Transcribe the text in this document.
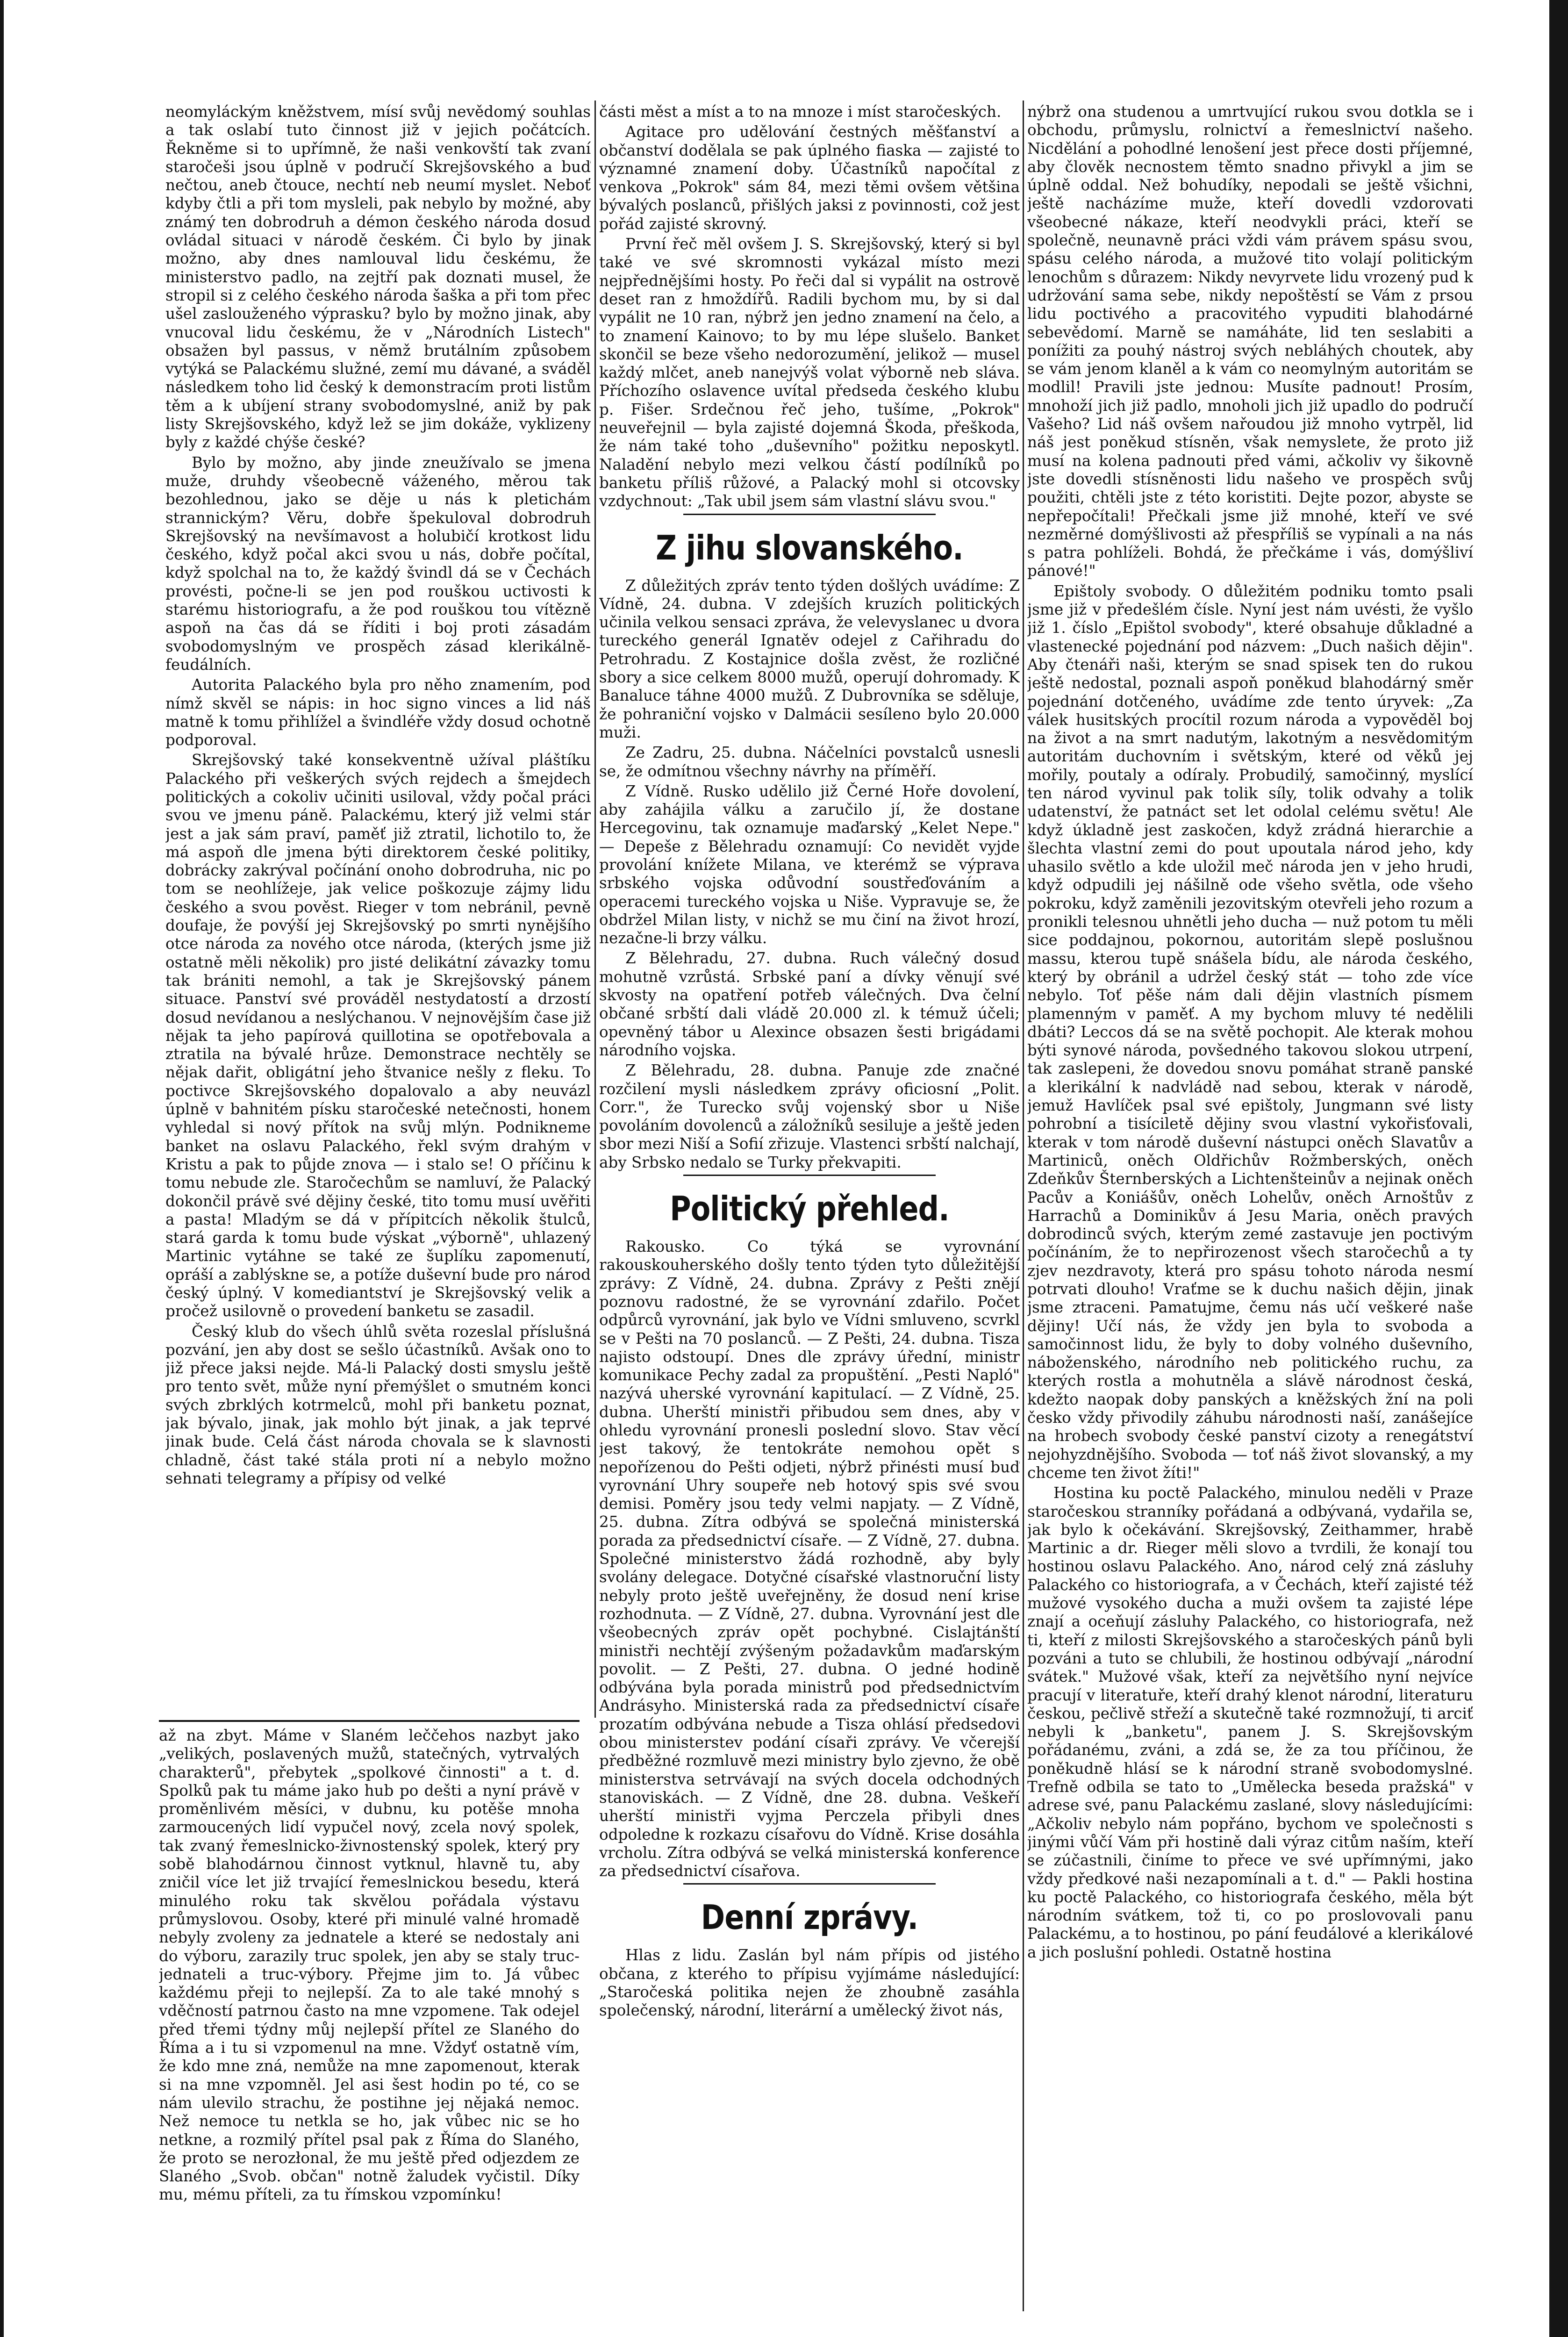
neomyláckým kněžstvem, mísí svůj nevědomý souhlas a tak oslabí tuto činnost již v jejich počátcích. Řekněme si to upřímně, že naši venkovští tak zvaní staročeši jsou úplně v područí Skrejšovského a buď nečtou, aneb čtouce, nechtí neb neumí myslet. Neboť kdyby čtli a při tom mysleli, pak nebylo by možné, aby známý ten dobrodruh a démon českého národa dosud ovládal situaci v národě českém. Či bylo by jinak možno, aby dnes namlouval lidu českému, že ministerstvo padlo, na zejtří pak doznati musel, že stropil si z celého českého národa šaška a při tom přec ušel zaslouženého výprasku? bylo by možno jinak, aby vnucoval lidu českému, že v „Národních Listech" obsažen byl passus, v němž brutálním způsobem vytýká se Palackému služné, zemí mu dávané, a sváděl následkem toho lid český k demonstracím proti listům těm a k ubíjení strany svobodomyslné, aniž by pak listy Skrejšovského, když lež se jim dokáže, vyklizeny byly z každé chýše české?

Bylo by možno, aby jinde zneužívalo se jmena muže, druhdy všeobecně váženého, měrou tak bezohlednou, jako se děje u nás k pletichám strannickým? Věru, dobře špekuloval dobrodruh Skrejšovský na nevšímavost a holubičí krotkost lidu českého, když počal akci svou u nás, dobře počítal, když spolchal na to, že každý švindl dá se v Čechách provésti, počne-li se jen pod rouškou uctivosti k starému historiografu, a že pod rouškou tou vítězně aspoň na čas dá se říditi i boj proti zásadám svobodomyslným ve prospěch zásad klerikálně-feudálních.

Autorita Palackého byla pro něho znamením, pod nímž skvěl se nápis: in hoc signo vinces a lid náš matně k tomu přihlížel a švindléře vždy dosud ochotně podporoval.

Skrejšovský také konsekventně užíval pláštíku Palackého při veškerých svých rejdech a šmejdech politických a cokoliv učiniti usiloval, vždy počal práci svou ve jmenu páně. Palackému, který již velmi stár jest a jak sám praví, paměť již ztratil, lichotilo to, že má aspoň dle jmena býti direktorem české politiky, dobrácky zakrýval počínání onoho dobrodruha, nic po tom se neohlížeje, jak velice poškozuje zájmy lidu českého a svou pověst. Rieger v tom nebránil, pevně doufaje, že povýší jej Skrejšovský po smrti nynějšího otce národa za nového otce národa, (kterých jsme již ostatně měli několik) pro jisté delikátní závazky tomu tak brániti nemohl, a tak je Skrejšovský pánem situace. Panství své prováděl nestydatostí a drzostí dosud nevídanou a neslýchanou. V nejnovějším čase již nějak ta jeho papírová quillotina se opotřebovala a ztratila na bývalé hrůze. Demonstrace nechtěly se nějak dařit, obligátní jeho štvanice nešly z fleku. To poctivce Skrejšovského dopalovalo a aby neuvázl úplně v bahnitém písku staročeské netečnosti, honem vyhledal si nový přítok na svůj mlýn. Podnikneme banket na oslavu Palackého, řekl svým drahým v Kristu a pak to půjde znova — i stalo se! O příčinu k tomu nebude zle. Staročechům se namluví, že Palacký dokončil právě své dějiny české, tito tomu musí uvěřiti a pasta! Mladým se dá v přípitcích několik štulců, stará garda k tomu bude výskat „výborně", uhlazený Martinic vytáhne se také ze šuplíku zapomenutí, opráší a zablýskne se, a potíže duševní bude pro národ český úplný. V komediantství je Skrejšovský velik a pročež usilovně o provedení banketu se zasadil.

Český klub do všech úhlů světa rozeslal příslušná pozvání, jen aby dost se sešlo účastníků. Avšak ono to již přece jaksi nejde. Má-li Palacký dosti smyslu ještě pro tento svět, může nyní přemýšlet o smutném konci svých zbrklých kotrmelců, mohl při banketu poznat, jak bývalo, jinak, jak mohlo být jinak, a jak teprvé jinak bude. Celá část národa chovala se k slavnosti chladně, část také stála proti ní a nebylo možno sehnati telegramy a přípisy od velké

až na zbyt. Máme v Slaném leččehos nazbyt jako „velikých, poslavených mužů, statečných, vytrvalých charakterů", přebytek „spolkové činnosti" a t. d. Spolků pak tu máme jako hub po dešti a nyní právě v proměnlivém měsíci, v dubnu, ku potěše mnoha zarmoucených lidí vypučel nový, zcela nový spolek, tak zvaný řemeslnicko-živnostenský spolek, který pry sobě blahodárnou činnost vytknul, hlavně tu, aby zničil více let již trvající řemeslnickou besedu, která minulého roku tak skvělou pořádala výstavu průmyslovou. Osoby, které při minulé valné hromadě nebyly zvoleny za jednatele a které se nedostaly ani do výboru, zarazily truc spolek, jen aby se staly truc-jednateli a truc-výbory. Přejme jim to. Já vůbec každému přeji to nejlepší. Za to ale také mnohý s vděčností patrnou často na mne vzpomene. Tak odejel před třemi týdny můj nejlepší přítel ze Slaného do Říma a i tu si vzpomenul na mne. Vždyť ostatně vím, že kdo mne zná, nemůže na mne zapomenout, kterak si na mne vzpomněl. Jel asi šest hodin po té, co se nám ulevilo strachu, že postihne jej nějaká nemoc. Než nemoce tu netkla se ho, jak vůbec nic se ho netkne, a rozmilý přítel psal pak z Říma do Slaného, že proto se nerozłonal, že mu ještě před odjezdem ze Slaného „Svob. občan" notně žaludek vyčistil. Díky mu, mému příteli, za tu římskou vzpomínku!

části měst a míst a to na mnoze i míst staročeských.

Agitace pro udělování čestných měšťanství a občanství dodělala se pak úplného fiaska — zajisté to významné znamení doby. Účastníků napočítal z venkova „Pokrok" sám 84, mezi těmi ovšem většina bývalých poslanců, přišlých jaksi z povinnosti, což jest pořád zajisté skrovný.

První řeč měl ovšem J. S. Skrejšovský, který si byl také ve své skromnosti vykázal místo mezi nejpřednějšími hosty. Po řeči dal si vypálit na ostrově deset ran z hmoždířů. Radili bychom mu, by si dal vypálit ne 10 ran, nýbrž jen jedno znamení na čelo, a to znamení Kainovo; to by mu lépe slušelo. Banket skončil se beze všeho nedorozumění, jelikož — musel každý mlčet, aneb nanejvýš volat výborně neb sláva. Příchozího oslavence uvítal předseda českého klubu p. Fišer. Srdečnou řeč jeho, tušíme, „Pokrok" neuveřejnil — byla zajisté dojemná Škoda, přeškoda, že nám také toho „duševního" požitku neposkytl. Naladění nebylo mezi velkou částí podílníků po banketu příliš růžové, a Palacký mohl si otcovsky vzdychnout: „Tak ubil jsem sám vlastní slávu svou."

Z jihu slovanského.

Z důležitých zpráv tento týden došlých uvádíme: Z Vídně, 24. dubna. V zdejších kruzích politických učinila velkou sensaci zpráva, že velevyslanec u dvora tureckého generál Ignatěv odejel z Cařihradu do Petrohradu. Z Kostajnice došla zvěst, že rozličné sbory a sice celkem 8000 mužů, operují dohromady. K Banaluce táhne 4000 mužů. Z Dubrovníka se sděluje, že pohraniční vojsko v Dalmácii sesíleno bylo 20.000 muži.

Ze Zadru, 25. dubna. Náčelníci povstalců usnesli se, že odmítnou všechny návrhy na příměří.

Z Vídně. Rusko udělilo již Černé Hoře dovolení, aby zahájila válku a zaručilo jí, že dostane Hercegovinu, tak oznamuje maďarský „Kelet Nepe." — Depeše z Bělehradu oznamují: Co nevidět vyjde provolání knížete Milana, ve kterémž se výprava srbského vojska odůvodní soustřeďováním a operacemi tureckého vojska u Niše. Vypravuje se, že obdržel Milan listy, v nichž se mu činí na život hrozí, nezačne-li brzy válku.

Z Bělehradu, 27. dubna. Ruch válečný dosud mohutně vzrůstá. Srbské paní a dívky věnují své skvosty na opatření potřeb válečných. Dva čelní občané srbští dali vládě 20.000 zl. k témuž účeli; opevněný tábor u Alexince obsazen šesti brigádami národního vojska.

Z Bělehradu, 28. dubna. Panuje zde značné rozčilení mysli následkem zprávy oficiosní „Polit. Corr.", že Turecko svůj vojenský sbor u Niše povoláním dovolenců a záložníků sesiluje a ještě jeden sbor mezi Niší a Sofií zřizuje. Vlastenci srbští nalchají, aby Srbsko nedalo se Turky překvapiti.

Politický přehled.

Rakousko. Co týká se vyrovnání rakouskouherského došly tento týden tyto důležitější zprávy: Z Vídně, 24. dubna. Zprávy z Pešti znějí poznovu radostné, že se vyrovnání zdařilo. Počet odpůrců vyrovnání, jak bylo ve Vídni smluveno, scvrkl se v Pešti na 70 poslanců. — Z Pešti, 24. dubna. Tisza najisto odstoupí. Dnes dle zprávy úřední, ministr komunikace Pechy zadal za propuštění. „Pesti Napló" nazývá uherské vyrovnání kapitulací. — Z Vídně, 25. dubna. Uherští ministři přibudou sem dnes, aby v ohledu vyrovnání pronesli poslední slovo. Stav věcí jest takový, že tentokráte nemohou opět s nepořízenou do Pešti odjeti, nýbrž přinésti musí buď vyrovnání Uhry soupeře neb hotový spis své svou demisi. Poměry jsou tedy velmi napjaty. — Z Vídně, 25. dubna. Zítra odbývá se společná ministerská porada za předsednictví císaře. — Z Vídně, 27. dubna. Společné ministerstvo žádá rozhodně, aby byly svolány delegace. Dotyčné císařské vlastnoruční listy nebyly proto ještě uveřejněny, že dosud není krise rozhodnuta. — Z Vídně, 27. dubna. Vyrovnání jest dle všeobecných zpráv opět pochybné. Cislajtánští ministři nechtějí zvýšeným požadavkům maďarským povolit. — Z Pešti, 27. dubna. O jedné hodině odbývána byla porada ministrů pod předsednictvím Andrásyho. Ministerská rada za předsednictví císaře prozatím odbývána nebude a Tisza ohlásí předsedovi obou ministerstev podání císaři zprávy. Ve včerejší předběžné rozmluvě mezi ministry bylo zjevno, že obě ministerstva setrvávají na svých docela odchodných stanoviskách. — Z Vídně, dne 28. dubna. Veškeří uherští ministři vyjma Perczela přibyli dnes odpoledne k rozkazu císařovu do Vídně. Krise dosáhla vrcholu. Zítra odbývá se velká ministerská konference za předsednictví císařova.

Denní zprávy.

Hlas z lidu. Zaslán byl nám přípis od jistého občana, z kterého to přípisu vyjímáme následující: „Staročeská politika nejen že zhoubně zasáhla společenský, národní, literární a umělecký život nás,

nýbrž ona studenou a umrtvující rukou svou dotkla se i obchodu, průmyslu, rolnictví a řemeslnictví našeho. Nicdělání a pohodlné lenošení jest přece dosti příjemné, aby člověk necnostem těmto snadno přivykl a jim se úplně oddal. Než bohudíky, nepodali se ještě všichni, ještě nacházíme muže, kteří dovedli vzdorovati všeobecné nákaze, kteří neodvykli práci, kteří se společně, neunavně práci vždi vám právem spásu svou, spásu celého národa, a mužové tito volají politickým lenochům s důrazem: Nikdy nevyrvete lidu vrozený pud k udržování sama sebe, nikdy nepoštěstí se Vám z prsou lidu poctivého a pracovitého vypuditi blahodárné sebevědomí. Marně se namáháte, lid ten seslabiti a ponížiti za pouhý nástroj svých nebláhých choutek, aby se vám jenom klaněl a k vám co neomylným autoritám se modlil! Pravili jste jednou: Musíte padnout! Prosím, mnohoží jich již padlo, mnoholi jich již upadlo do područí Vašeho? Lid náš ovšem nařoudou již mnoho vytrpěl, lid náš jest poněkud stísněn, však nemyslete, že proto již musí na kolena padnouti před vámi, ačkoliv vy šikovně jste dovedli stísněnosti lidu našeho ve prospěch svůj použiti, chtěli jste z této koristiti. Dejte pozor, abyste se nepřepočítali! Přečkali jsme již mnohé, kteří ve své nezměrné domýšlivosti až přespříliš se vypínali a na nás s patra pohlíželi. Bohdá, že přečkáme i vás, domýšliví pánové!"

Epištoly svobody. O důležitém podniku tomto psali jsme již v předešlém čísle. Nyní jest nám uvésti, že vyšlo již 1. číslo „Epištol svobody", které obsahuje důkladné a vlastenecké pojednání pod názvem: „Duch našich dějin". Aby čtenáři naši, kterým se snad spisek ten do rukou ještě nedostal, poznali aspoň poněkud blahodárný směr pojednání dotčeného, uvádíme zde tento úryvek: „Za válek husitských procítil rozum národa a vypověděl boj na život a na smrt nadutým, lakotným a nesvědomitým autoritám duchovním i světským, které od věků jej mořily, poutaly a odíraly. Probudilý, samočinný, myslící ten národ vyvinul pak tolik síly, tolik odvahy a tolik udatenství, že patnáct set let odolal celému světu! Ale když úkladně jest zaskočen, když zrádná hierarchie a šlechta vlastní zemi do pout upoutala národ jeho, kdy uhasilo světlo a kde uložil meč národa jen v jeho hrudi, když odpudili jej nášilně ode všeho světla, ode všeho pokroku, když zaměnili jezovitským otevřeli jeho rozum a pronikli telesnou uhnětli jeho ducha — nuž potom tu měli sice poddajnou, pokornou, autoritám slepě poslušnou massu, kterou tupě snášela bídu, ale národa českého, který by obránil a udržel český stát — toho zde více nebylo. Toť pěše nám dali dějin vlastních písmem plamenným v paměť. A my bychom mluvy té nedělili dbáti? Leccos dá se na světě pochopit. Ale kterak mohou býti synové národa, povšedného takovou slokou utrpení, tak zaslepeni, že dovedou snovu pomáhat straně panské a klerikální k nadvládě nad sebou, kterak v národě, jemuž Havlíček psal své epištoly, Jungmann své listy pohrobní a tisíciletě dějiny svou vlastní vykořisťovali, kterak v tom národě duševní nástupci oněch Slavatův a Martiniců, oněch Oldřichův Rožmberských, oněch Zdeňkův Šternberských a Lichtenšteinův a nejinak oněch Pacův a Koniášův, oněch Lohelův, oněch Arnoštův z Harrachů a Dominikův á Jesu Maria, oněch pravých dobrodinců svých, kterým zemé zastavuje jen poctivým počínáním, že to nepřirozenost všech staročechů a ty zjev nezdravoty, která pro spásu tohoto národa nesmí potrvati dlouho! Vraťme se k duchu našich dějin, jinak jsme ztraceni. Pamatujme, čemu nás učí veškeré naše dějiny! Učí nás, že vždy jen byla to svoboda a samočinnost lidu, že byly to doby volného duševního, náboženského, národního neb politického ruchu, za kterých rostla a mohutněla a slávě národnost česká, kdežto naopak doby panských a kněžských žní na poli česko vždy přivodily záhubu národnosti naší, zanášejíce na hrobech svobody české panství cizoty a renegátství nejohyzdnějšího. Svoboda — toť náš život slovanský, a my chceme ten život žíti!"

Hostina ku poctě Palackého, minulou neděli v Praze staročeskou stranníky pořádaná a odbývaná, vydařila se, jak bylo k očekávání. Skrejšovský, Zeithammer, hrabě Martinic a dr. Rieger měli slovo a tvrdili, že konají tou hostinou oslavu Palackého. Ano, národ celý zná zásluhy Palackého co historiografa, a v Čechách, kteří zajisté též mužové vysokého ducha a muži ovšem ta zajisté lépe znají a oceňují zásluhy Palackého, co historiografa, než ti, kteří z milosti Skrejšovského a staročeských pánů byli pozváni a tuto se chlubili, že hostinou odbývají „národní svátek." Mužové však, kteří za největšího nyní nejvíce pracují v literatuře, kteří drahý klenot národní, literaturu českou, pečlivě střeží a skutečně také rozmnožují, ti arciť nebyli k „banketu", panem J. S. Skrejšovským pořádanému, zváni, a zdá se, že za tou příčinou, že poněkudně hlásí se k národní straně svobodomyslné. Trefně odbila se tato to „Umělecka beseda pražská" v adrese své, panu Palackému zaslané, slovy následujícími: „Ačkoliv nebylo nám popřáno, bychom ve společnosti s jinými vůčí Vám při hostině dali výraz citům naším, kteří se zúčastnili, činíme to přece ve své upřímnými, jako vždy předkové naši nezapomínali a t. d." — Pakli hostina ku poctě Palackého, co historiografa českého, měla být národním svátkem, tož ti, co po proslovovali panu Palackému, a to hostinou, po pání feudálové a klerikálové a jich poslušní pohledi. Ostatně hostina
